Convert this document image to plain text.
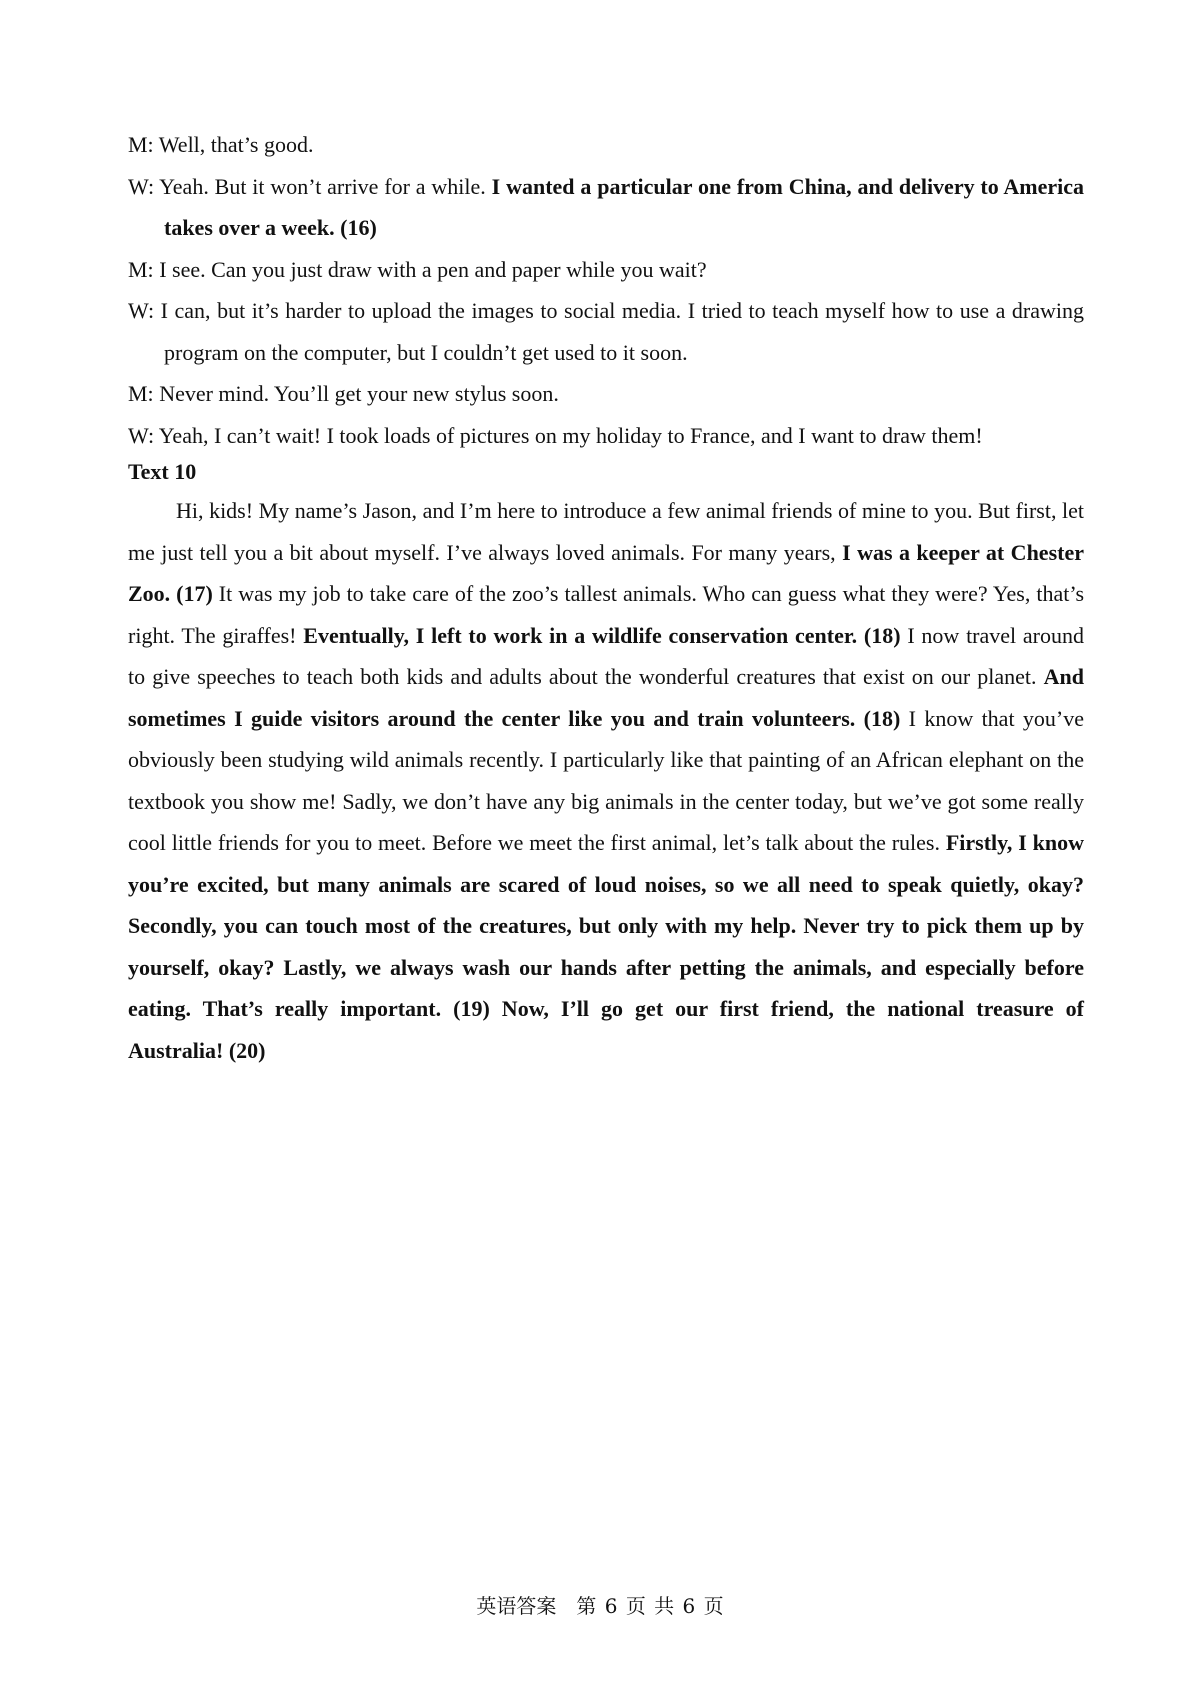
M: Well, that’s good.

W: Yeah. But it won’t arrive for a while. I wanted a particular one from China, and delivery to America takes over a week. (16)

M: I see. Can you just draw with a pen and paper while you wait?

W: I can, but it’s harder to upload the images to social media. I tried to teach myself how to use a drawing program on the computer, but I couldn’t get used to it soon.

M: Never mind. You’ll get your new stylus soon.

W: Yeah, I can’t wait! I took loads of pictures on my holiday to France, and I want to draw them!

Text 10

Hi, kids! My name’s Jason, and I’m here to introduce a few animal friends of mine to you. But first, let me just tell you a bit about myself. I’ve always loved animals. For many years, I was a keeper at Chester Zoo. (17) It was my job to take care of the zoo’s tallest animals. Who can guess what they were? Yes, that’s right. The giraffes! Eventually, I left to work in a wildlife conservation center. (18) I now travel around to give speeches to teach both kids and adults about the wonderful creatures that exist on our planet. And sometimes I guide visitors around the center like you and train volunteers. (18) I know that you’ve obviously been studying wild animals recently. I particularly like that painting of an African elephant on the textbook you show me! Sadly, we don’t have any big animals in the center today, but we’ve got some really cool little friends for you to meet. Before we meet the first animal, let’s talk about the rules. Firstly, I know you’re excited, but many animals are scared of loud noises, so we all need to speak quietly, okay? Secondly, you can touch most of the creatures, but only with my help. Never try to pick them up by yourself, okay? Lastly, we always wash our hands after petting the animals, and especially before eating. That’s really important. (19) Now, I’ll go get our first friend, the national treasure of Australia! (20)

英语答案　第 6 页 共 6 页
